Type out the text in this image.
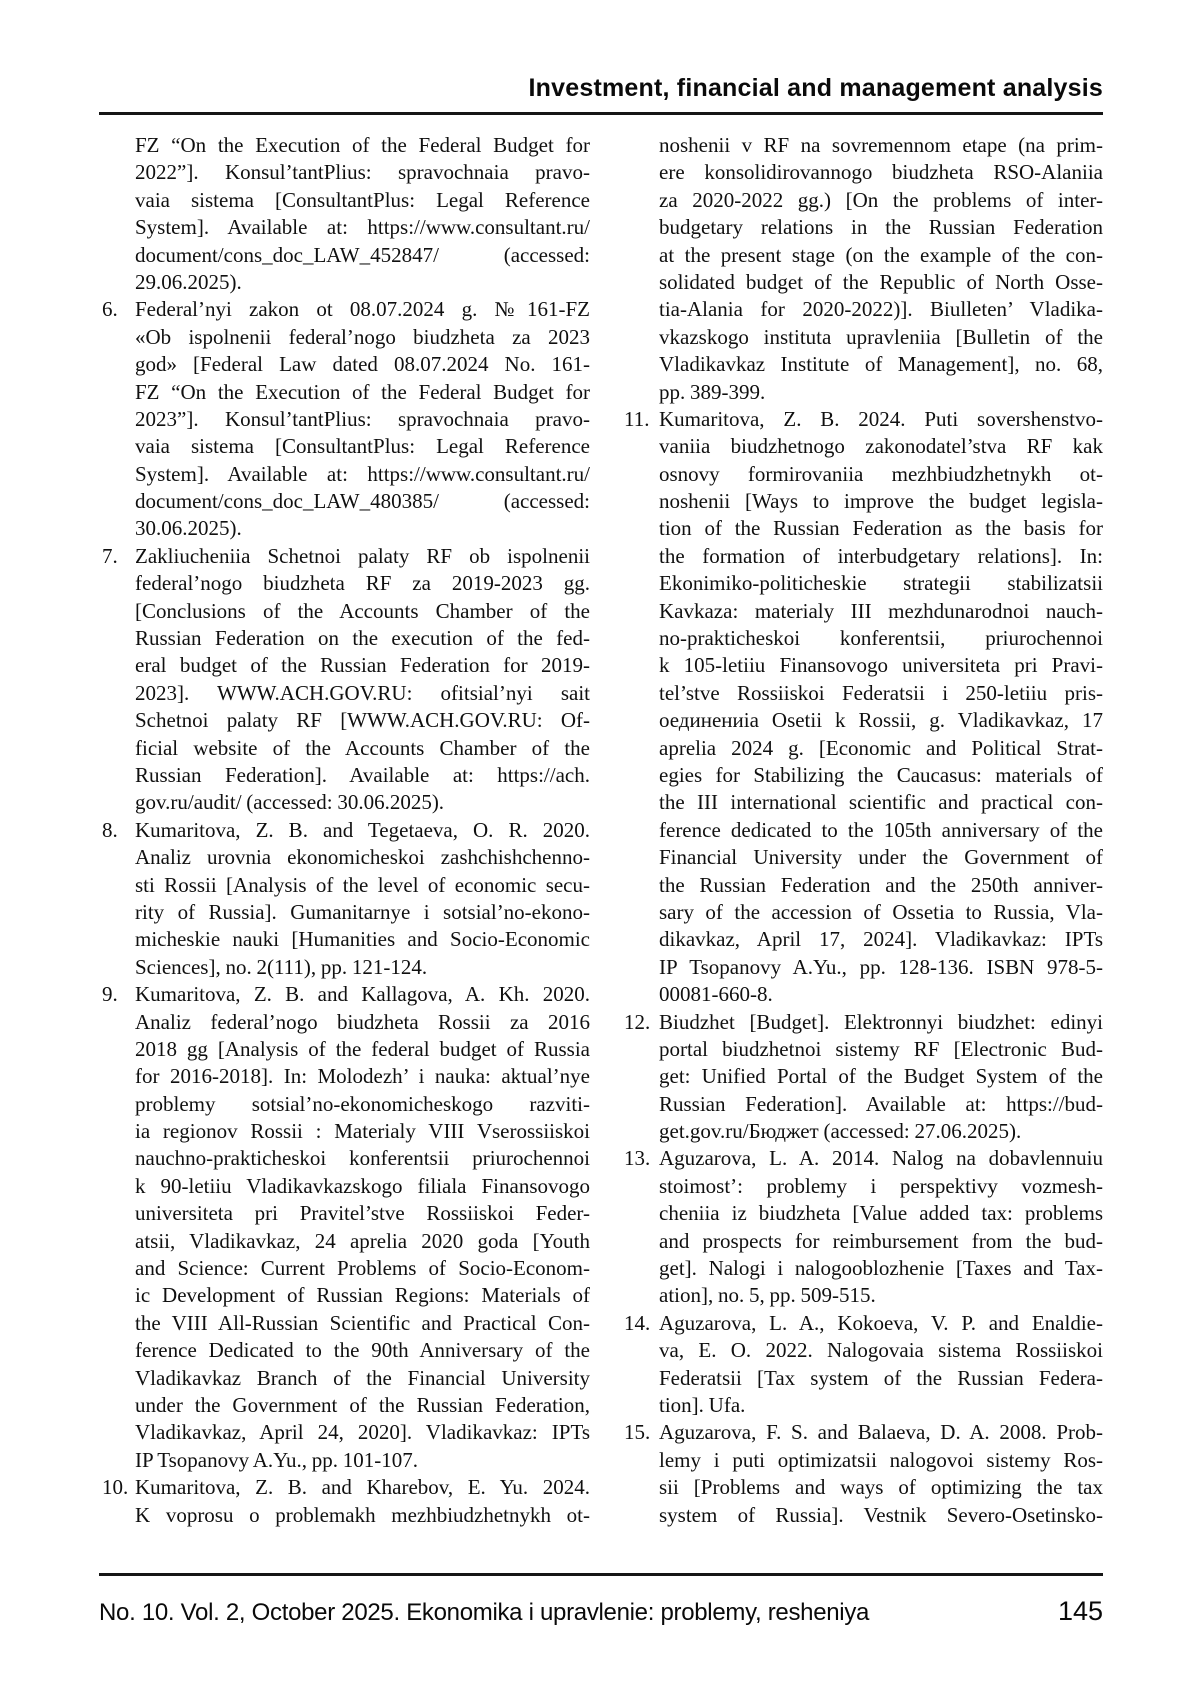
Investment, financial and management analysis
FZ “On the Execution of the Federal Budget for
2022”]. Konsul’tantPlius: spravochnaia pravo-
vaia sistema [ConsultantPlus: Legal Reference
System]. Available at: https://www.consultant.ru/
document/cons_doc_LAW_452847/ (accessed:
29.06.2025).
6. Federal’nyi zakon ot 08.07.2024 g. №161-FZ
«Ob ispolnenii federal’nogo biudzheta za 2023
god» [Federal Law dated 08.07.2024 No. 161-
FZ “On the Execution of the Federal Budget for
2023”]. Konsul’tantPlius: spravochnaia pravo-
vaia sistema [ConsultantPlus: Legal Reference
System]. Available at: https://www.consultant.ru/
document/cons_doc_LAW_480385/ (accessed:
30.06.2025).
7. Zakliucheniia Schetnoi palaty RF ob ispolnenii
federal’nogo biudzheta RF za 2019-2023 gg.
[Conclusions of the Accounts Chamber of the
Russian Federation on the execution of the fed-
eral budget of the Russian Federation for 2019-
2023]. WWW.ACH.GOV.RU: ofitsial’nyi sait
Schetnoi palaty RF [WWW.ACH.GOV.RU: Of-
ficial website of the Accounts Chamber of the
Russian Federation]. Available at: https://ach.
gov.ru/audit/ (accessed: 30.06.2025).
8. Kumaritova, Z. B. and Tegetaeva, O. R. 2020.
Analiz urovnia ekonomicheskoi zashchishchenno-
sti Rossii [Analysis of the level of economic secu-
rity of Russia]. Gumanitarnye i sotsial’no-ekono-
micheskie nauki [Humanities and Socio-Economic
Sciences], no. 2(111), pp. 121-124.
9. Kumaritova, Z. B. and Kallagova, A. Kh. 2020.
Analiz federal’nogo biudzheta Rossii za 2016
2018 gg [Analysis of the federal budget of Russia
for 2016-2018]. In: Molodezh’ i nauka: aktual’nye
problemy sotsial’no-ekonomicheskogo razviti-
ia regionov Rossii : Materialy VIII Vserossiiskoi
nauchno-prakticheskoi konferentsii priurochennoi
k 90-letiiu Vladikavkazskogo filiala Finansovogo
universiteta pri Pravitel’stve Rossiiskoi Feder-
atsii, Vladikavkaz, 24 aprelia 2020 goda [Youth
and Science: Current Problems of Socio-Econom-
ic Development of Russian Regions: Materials of
the VIII All-Russian Scientific and Practical Con-
ference Dedicated to the 90th Anniversary of the
Vladikavkaz Branch of the Financial University
under the Government of the Russian Federation,
Vladikavkaz, April 24, 2020]. Vladikavkaz: IPTs
IP Tsopanovy A.Yu., pp. 101-107.
10. Kumaritova, Z. B. and Kharebov, E. Yu. 2024.
K voprosu o problemakh mezhbiudzhetnykh ot-
noshenii v RF na sovremennom etape (na prim-
ere konsolidirovannogo biudzheta RSO-Alaniia
za 2020-2022 gg.) [On the problems of inter-
budgetary relations in the Russian Federation
at the present stage (on the example of the con-
solidated budget of the Republic of North Osse-
tia-Alania for 2020-2022)]. Biulleten’ Vladika-
vkazskogo instituta upravleniia [Bulletin of the
Vladikavkaz Institute of Management], no. 68,
pp. 389-399.
11. Kumaritova, Z. B. 2024. Puti sovershenstvo-
vaniia biudzhetnogo zakonodatel’stva RF kak
osnovy formirovaniia mezhbiudzhetnykh ot-
noshenii [Ways to improve the budget legisla-
tion of the Russian Federation as the basis for
the formation of interbudgetary relations]. In:
Ekonimiko-politicheskie strategii stabilizatsii
Kavkaza: materialy III mezhdunarodnoi nauch-
no-prakticheskoi konferentsii, priurochennoi
k 105-letiiu Finansovogo universiteta pri Pravi-
tel’stve Rossiiskoi Federatsii i 250-letiiu pris-
оединениia Osetii k Rossii, g. Vladikavkaz, 17
aprelia 2024 g. [Economic and Political Strat-
egies for Stabilizing the Caucasus: materials of
the III international scientific and practical con-
ference dedicated to the 105th anniversary of the
Financial University under the Government of
the Russian Federation and the 250th anniver-
sary of the accession of Ossetia to Russia, Vla-
dikavkaz, April 17, 2024]. Vladikavkaz: IPTs
IP Tsopanovy A.Yu., pp. 128-136. ISBN 978-5-
00081-660-8.
12. Biudzhet [Budget]. Elektronnyi biudzhet: edinyi
portal biudzhetnoi sistemy RF [Electronic Bud-
get: Unified Portal of the Budget System of the
Russian Federation]. Available at: https://bud-
get.gov.ru/Бюджет (accessed: 27.06.2025).
13. Aguzarova, L. A. 2014. Nalog na dobavlennuiu
stoimost’: problemy i perspektivy vozmesh-
cheniia iz biudzheta [Value added tax: problems
and prospects for reimbursement from the bud-
get]. Nalogi i nalogooblozhenie [Taxes and Tax-
ation], no. 5, pp. 509-515.
14. Aguzarova, L. A., Kokoeva, V. P. and Enaldie-
va, E. O. 2022. Nalogovaia sistema Rossiiskoi
Federatsii [Tax system of the Russian Federa-
tion]. Ufa.
15. Aguzarova, F. S. and Balaeva, D. A. 2008. Prob-
lemy i puti optimizatsii nalogovoi sistemy Ros-
sii [Problems and ways of optimizing the tax
system of Russia]. Vestnik Severo-Osetinsko-
No. 10. Vol. 2, October 2025. Ekonomika i upravlenie: problemy, resheniya	145
